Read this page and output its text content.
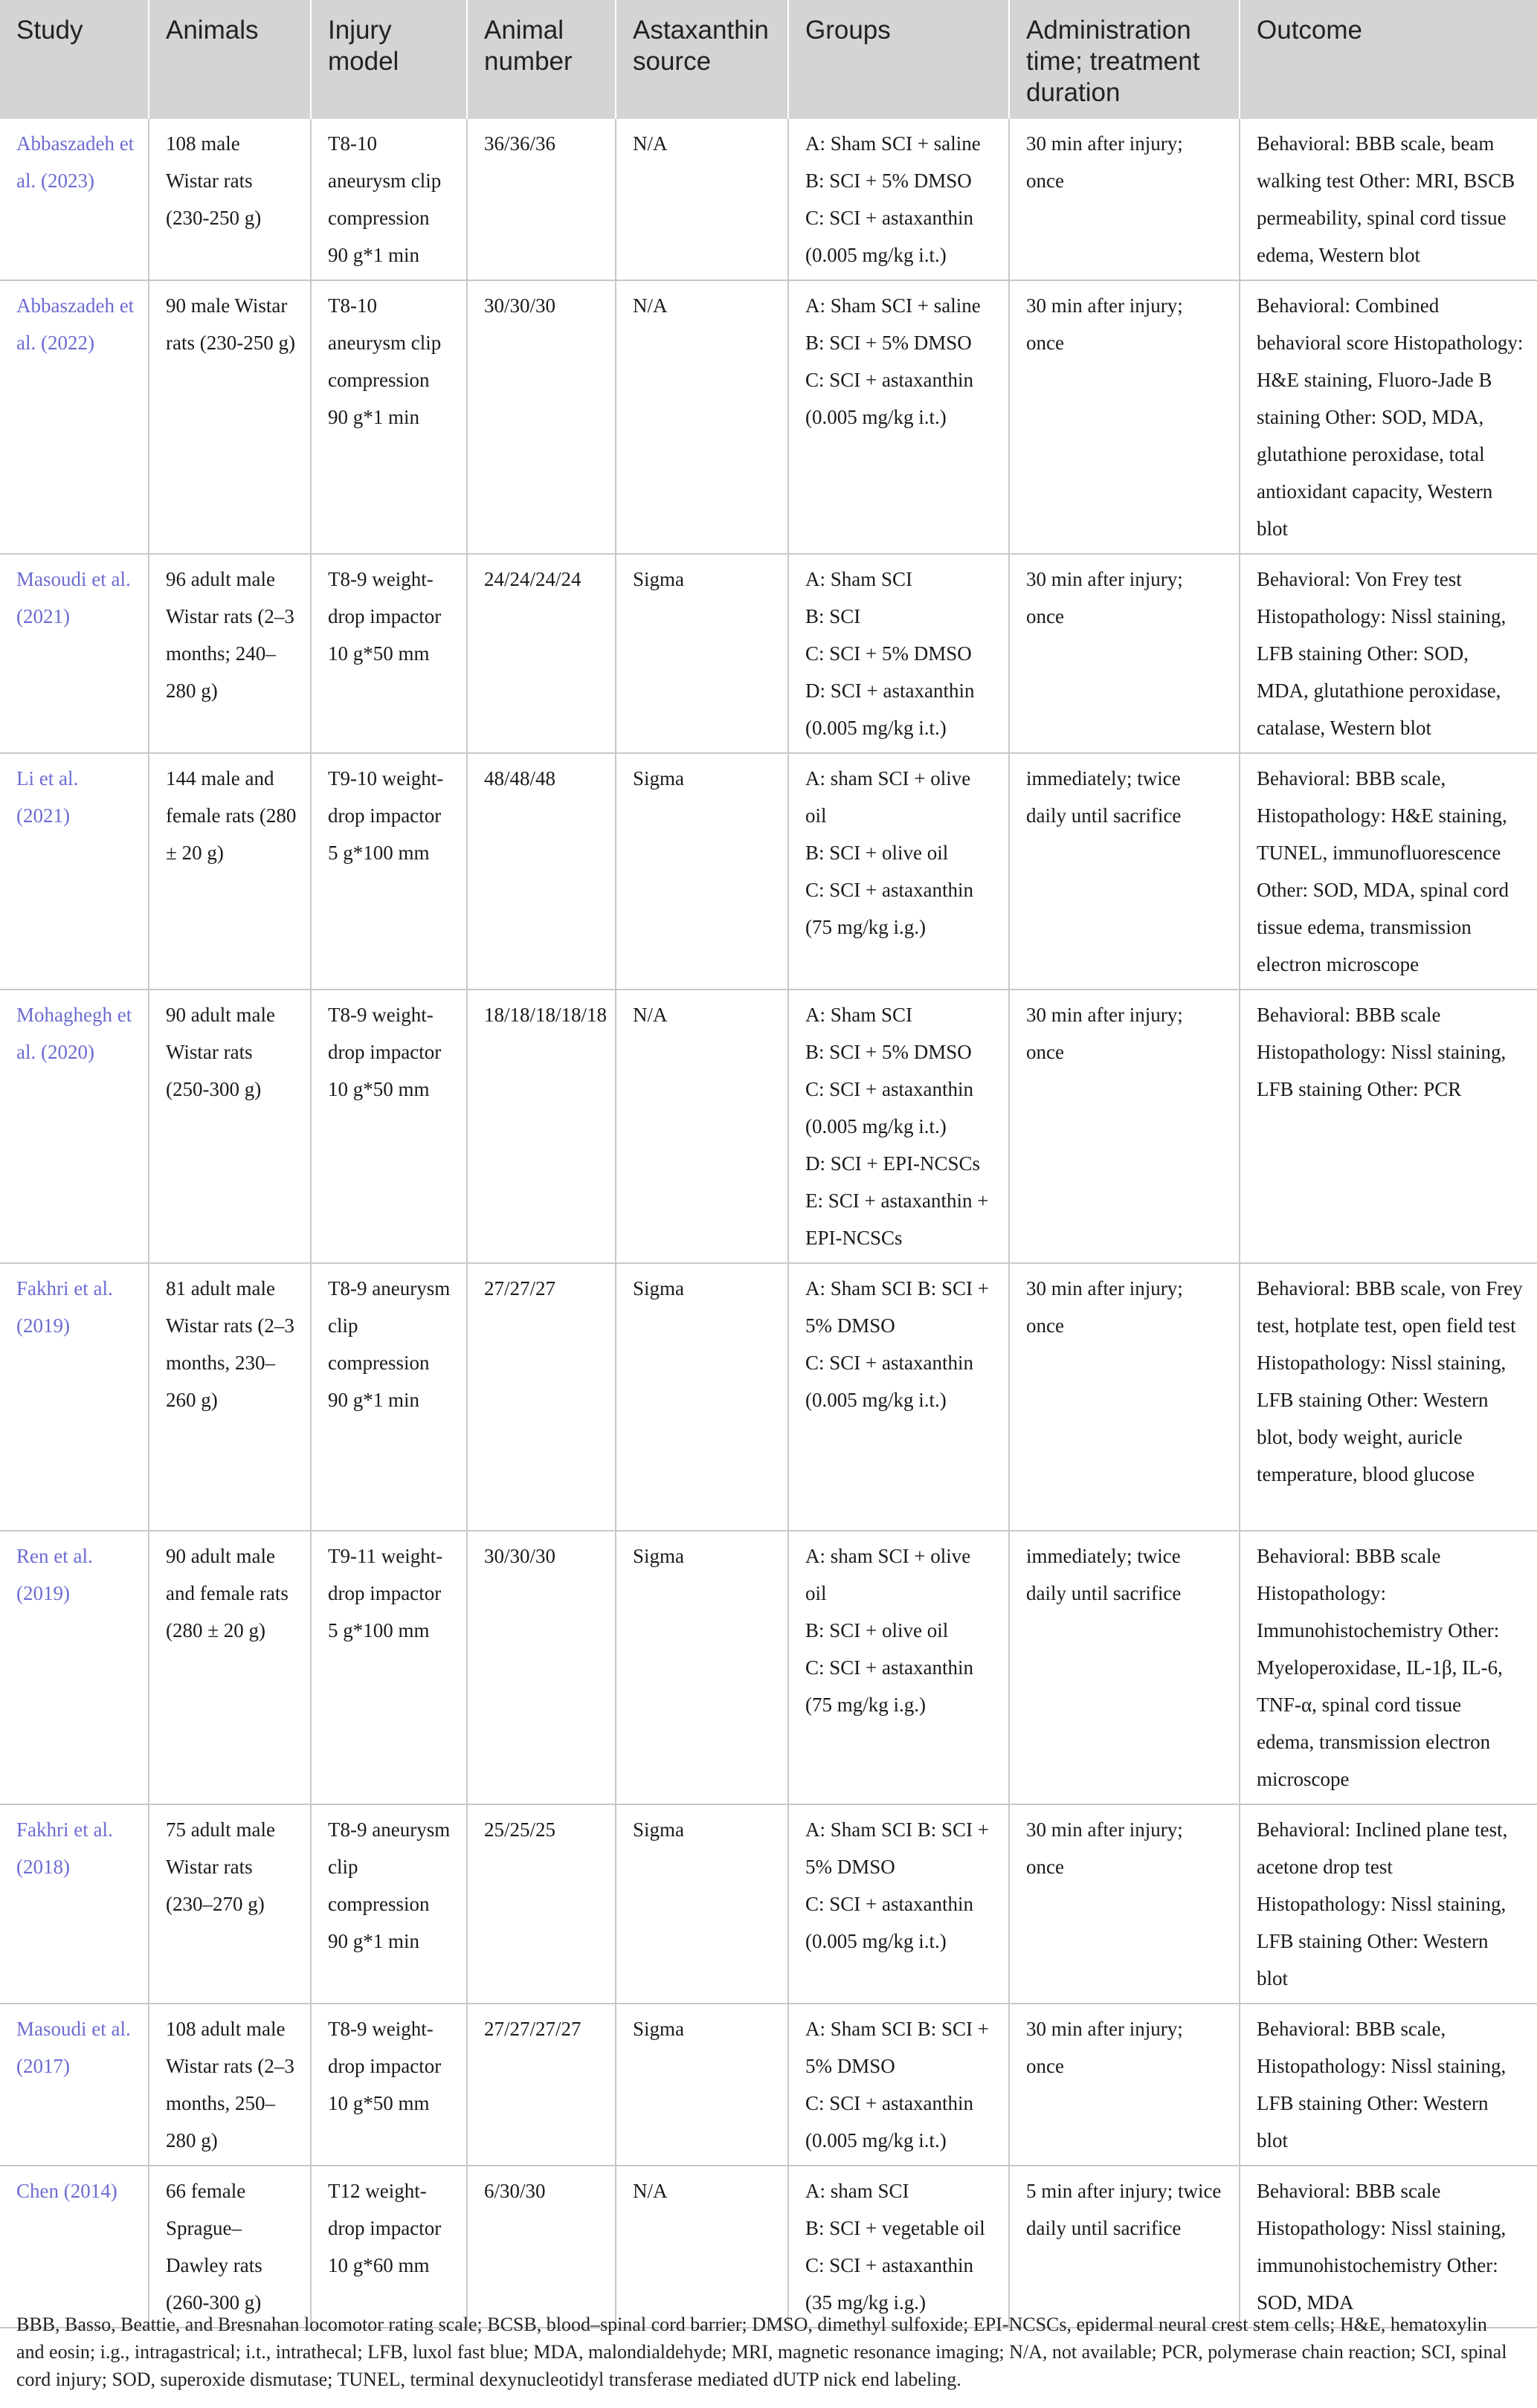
Study	Animals	Injury model	Animal number	Astaxanthin source	Groups	Administration time; treatment duration	Outcome
Abbaszadeh et al. (2023)	108 male Wistar rats (230-250 g)	T8-10 aneurysm clip compression 90 g*1 min	36/36/36	N/A	A: Sham SCI + saline
B: SCI + 5% DMSO
C: SCI + astaxanthin (0.005 mg/kg i.t.)	30 min after injury; once	Behavioral: BBB scale, beam walking test Other: MRI, BSCB permeability, spinal cord tissue edema, Western blot
Abbaszadeh et al. (2022)	90 male Wistar rats (230-250 g)	T8-10 aneurysm clip compression 90 g*1 min	30/30/30	N/A	A: Sham SCI + saline
B: SCI + 5% DMSO
C: SCI + astaxanthin (0.005 mg/kg i.t.)	30 min after injury; once	Behavioral: Combined behavioral score Histopathology: H&E staining, Fluoro-Jade B staining Other: SOD, MDA, glutathione peroxidase, total antioxidant capacity, Western blot
Masoudi et al. (2021)	96 adult male Wistar rats (2–3 months; 240–280 g)	T8-9 weight-drop impactor 10 g*50 mm	24/24/24/24	Sigma	A: Sham SCI
B: SCI
C: SCI + 5% DMSO
D: SCI + astaxanthin (0.005 mg/kg i.t.)	30 min after injury; once	Behavioral: Von Frey test Histopathology: Nissl staining, LFB staining Other: SOD, MDA, glutathione peroxidase, catalase, Western blot
Li et al. (2021)	144 male and female rats (280 ± 20 g)	T9-10 weight-drop impactor 5 g*100 mm	48/48/48	Sigma	A: sham SCI + olive oil
B: SCI + olive oil
C: SCI + astaxanthin (75 mg/kg i.g.)	immediately; twice daily until sacrifice	Behavioral: BBB scale, Histopathology: H&E staining, TUNEL, immunofluorescence Other: SOD, MDA, spinal cord tissue edema, transmission electron microscope
Mohaghegh et al. (2020)	90 adult male Wistar rats (250-300 g)	T8-9 weight-drop impactor 10 g*50 mm	18/18/18/18/18	N/A	A: Sham SCI
B: SCI + 5% DMSO
C: SCI + astaxanthin (0.005 mg/kg i.t.)
D: SCI + EPI-NCSCs
E: SCI + astaxanthin + EPI-NCSCs	30 min after injury; once	Behavioral: BBB scale Histopathology: Nissl staining, LFB staining Other: PCR
Fakhri et al. (2019)	81 adult male Wistar rats (2–3 months, 230–260 g)	T8-9 aneurysm clip compression 90 g*1 min	27/27/27	Sigma	A: Sham SCI B: SCI + 5% DMSO
C: SCI + astaxanthin (0.005 mg/kg i.t.)	30 min after injury; once	Behavioral: BBB scale, von Frey test, hotplate test, open field test Histopathology: Nissl staining, LFB staining Other: Western blot, body weight, auricle temperature, blood glucose
Ren et al. (2019)	90 adult male and female rats (280 ± 20 g)	T9-11 weight-drop impactor 5 g*100 mm	30/30/30	Sigma	A: sham SCI + olive oil
B: SCI + olive oil
C: SCI + astaxanthin (75 mg/kg i.g.)	immediately; twice daily until sacrifice	Behavioral: BBB scale Histopathology: Immunohistochemistry Other: Myeloperoxidase, IL-1β, IL-6, TNF-α, spinal cord tissue edema, transmission electron microscope
Fakhri et al. (2018)	75 adult male Wistar rats (230–270 g)	T8-9 aneurysm clip compression 90 g*1 min	25/25/25	Sigma	A: Sham SCI B: SCI + 5% DMSO
C: SCI + astaxanthin (0.005 mg/kg i.t.)	30 min after injury; once	Behavioral: Inclined plane test, acetone drop test Histopathology: Nissl staining, LFB staining Other: Western blot
Masoudi et al. (2017)	108 adult male Wistar rats (2–3 months, 250–280 g)	T8-9 weight-drop impactor 10 g*50 mm	27/27/27/27	Sigma	A: Sham SCI B: SCI + 5% DMSO
C: SCI + astaxanthin (0.005 mg/kg i.t.)	30 min after injury; once	Behavioral: BBB scale, Histopathology: Nissl staining, LFB staining Other: Western blot
Chen (2014)	66 female Sprague–Dawley rats (260-300 g)	T12 weight-drop impactor 10 g*60 mm	6/30/30	N/A	A: sham SCI
B: SCI + vegetable oil
C: SCI + astaxanthin (35 mg/kg i.g.)	5 min after injury; twice daily until sacrifice	Behavioral: BBB scale Histopathology: Nissl staining, immunohistochemistry Other: SOD, MDA

BBB, Basso, Beattie, and Bresnahan locomotor rating scale; BCSB, blood–spinal cord barrier; DMSO, dimethyl sulfoxide; EPI-NCSCs, epidermal neural crest stem cells; H&E, hematoxylin and eosin; i.g., intragastrical; i.t., intrathecal; LFB, luxol fast blue; MDA, malondialdehyde; MRI, magnetic resonance imaging; N/A, not available; PCR, polymerase chain reaction; SCI, spinal cord injury; SOD, superoxide dismutase; TUNEL, terminal dexynucleotidyl transferase mediated dUTP nick end labeling.
